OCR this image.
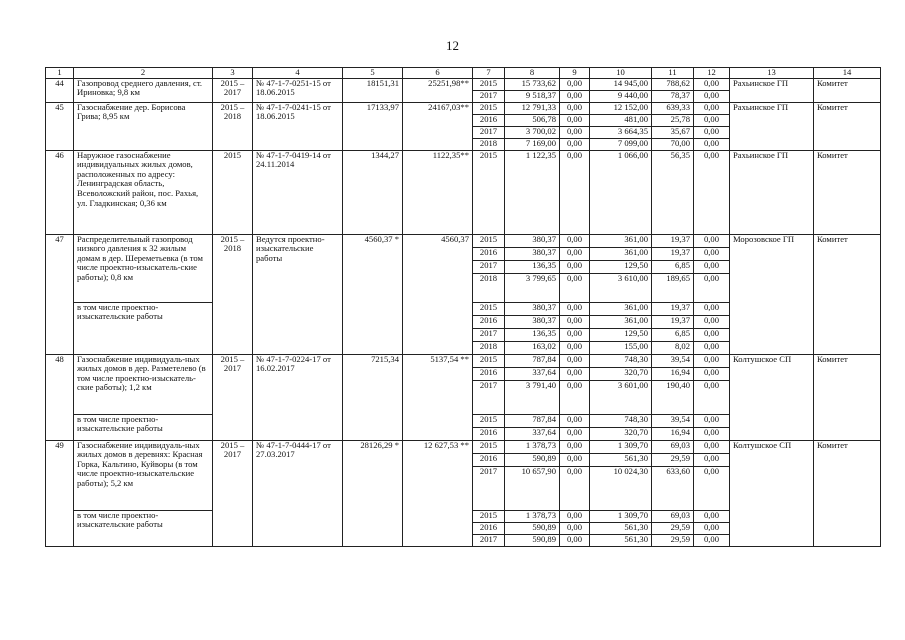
12
1	2	3	4	5	6	7	8	9	10	11	12	13	14
44	Газопровод среднего давления, ст. Ириновка; 9,8 км	2015 – 2017	№ 47-1-7-0251-15 от 18.06.2015	18151,31	25251,98**	2015	15 733,62	0,00	14 945,00	788,62	0,00	Рахьинское ГП	Комитет
						2017	9 518,37	0,00	9 440,00	78,37	0,00		
45	Газоснабжение дер. Борисова Грива; 8,95 км	2015 – 2018	№ 47-1-7-0241-15 от 18.06.2015	17133,97	24167,03**	2015	12 791,33	0,00	12 152,00	639,33	0,00	Рахьинское ГП	Комитет
						2016	506,78	0,00	481,00	25,78	0,00		
						2017	3 700,02	0,00	3 664,35	35,67	0,00		
						2018	7 169,00	0,00	7 099,00	70,00	0,00		
46	Наружное газоснабжение индивидуальных жилых домов, расположенных по адресу: Ленинградская область, Всеволожский район, пос. Рахья, ул. Гладкинская; 0,36 км	2015	№ 47-1-7-0419-14 от 24.11.2014	1344,27	1122,35**	2015	1 122,35	0,00	1 066,00	56,35	0,00	Рахьинское ГП	Комитет
47	Распределительный газопровод низкого давления к 32 жилым домам в дер. Шереметьевка (в том числе проектно-изыскатель-ские работы); 0,8 км	2015 – 2018	Ведутся проектно-изыскательские работы	4560,37 *	4560,37	2015	380,37	0,00	361,00	19,37	0,00	Морозовское ГП	Комитет
						2016	380,37	0,00	361,00	19,37	0,00		
						2017	136,35	0,00	129,50	6,85	0,00		
						2018	3 799,65	0,00	3 610,00	189,65	0,00		
	в том числе проектно-изыскательские работы					2015	380,37	0,00	361,00	19,37	0,00		
						2016	380,37	0,00	361,00	19,37	0,00		
						2017	136,35	0,00	129,50	6,85	0,00		
						2018	163,02	0,00	155,00	8,02	0,00		
48	Газоснабжение индивидуаль-ных жилых домов в дер. Разметелево (в том числе проектно-изыскатель-ские работы); 1,2 км	2015 – 2017	№ 47-1-7-0224-17 от 16.02.2017	7215,34	5137,54 **	2015	787,84	0,00	748,30	39,54	0,00	Колтушское СП	Комитет
						2016	337,64	0,00	320,70	16,94	0,00		
						2017	3 791,40	0,00	3 601,00	190,40	0,00		
	в том числе проектно-изыскательские работы					2015	787,84	0,00	748,30	39,54	0,00		
						2016	337,64	0,00	320,70	16,94	0,00		
49	Газоснабжение индивидуаль-ных жилых домов в деревнях: Красная Горка, Кальтино, Куйворы (в том числе проектно-изыскательские работы); 5,2 км	2015 – 2017	№ 47-1-7-0444-17 от 27.03.2017	28126,29 *	12 627,53 **	2015	1 378,73	0,00	1 309,70	69,03	0,00	Колтушское СП	Комитет
						2016	590,89	0,00	561,30	29,59	0,00		
						2017	10 657,90	0,00	10 024,30	633,60	0,00		
	в том числе проектно-изыскательские работы					2015	1 378,73	0,00	1 309,70	69,03	0,00		
						2016	590,89	0,00	561,30	29,59	0,00		
						2017	590,89	0,00	561,30	29,59	0,00		
